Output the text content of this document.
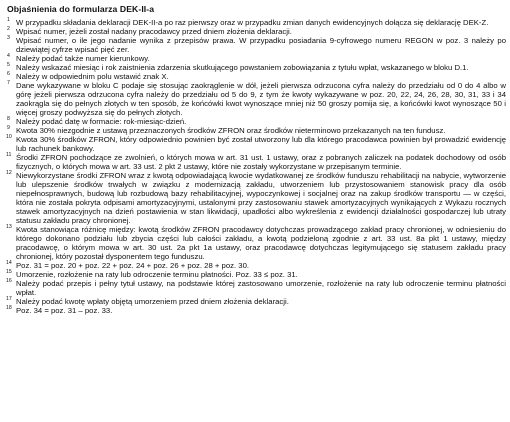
Objaśnienia do formularza DEK-II-a
1 W przypadku składania deklaracji DEK-II-a po raz pierwszy oraz w przypadku zmian danych ewidencyjnych dołącza się deklarację DEK-Z.
2 Wpisać numer, jeżeli został nadany pracodawcy przed dniem złożenia deklaracji.
3 Wpisać numer, o ile jego nadanie wynika z przepisów prawa. W przypadku posiadania 9-cyfrowego numeru REGON w poz. 3 należy po dziewiątej cyfrze wpisać pięć zer.
4 Należy podać także numer kierunkowy.
5 Należy wskazać miesiąc i rok zaistnienia zdarzenia skutkującego powstaniem zobowiązania z tytułu wpłat, wskazanego w bloku D.1.
6 Należy w odpowiednim polu wstawić znak X.
7 Dane wykazywane w bloku C podaje się stosując zaokrąglenie w dół, jeżeli pierwsza odrzucona cyfra należy do przedziału od 0 do 4 albo w górę jeżeli pierwsza odrzucona cyfra należy do przedziału od 5 do 9, z tym że kwoty wykazywane w poz. 20, 22, 24, 26, 28, 30, 31, 33 i 34 zaokrągla się do pełnych złotych w ten sposób, że końcówki kwot wynoszące mniej niż 50 groszy pomija się, a końcówki kwot wynoszące 50 i więcej groszy podwyższa się do pełnych złotych.
8 Należy podać datę w formacie: rok-miesiąc-dzień.
9 Kwota 30% niezgodnie z ustawą przeznaczonych środków ZFRON oraz środków nieterminowo przekazanych na ten fundusz.
10 Kwota 30% środków ZFRON, który odpowiednio powinien być został utworzony lub dla którego pracodawca powinien był prowadzić ewidencję lub rachunek bankowy.
11 Środki ZFRON pochodzące ze zwolnień, o których mowa w art. 31 ust. 1 ustawy, oraz z pobranych zaliczek na podatek dochodowy od osób fizycznych, o których mowa w art. 33 ust. 2 pkt 2 ustawy, które nie zostały wykorzystane w przepisanym terminie.
12 Niewykorzystane środki ZFRON wraz z kwotą odpowiadającą kwocie wydatkowanej ze środków funduszu rehabilitacji na nabycie, wytworzenie lub ulepszenie środków trwałych w związku z modernizacją zakładu, utworzeniem lub przystosowaniem stanowisk pracy dla osób niepełnosprawnych, budową lub rozbudową bazy rehabilitacyjnej, wypoczynkowej i socjalnej oraz na zakup środków transportu — w części, która nie została pokryta odpisami amortyzacyjnymi, ustalonymi przy zastosowaniu stawek amortyzacyjnych wynikających z Wykazu rocznych stawek amortyzacyjnych na dzień postawienia w stan likwidacji, upadłości albo wykreślenia z ewidencji działalności gospodarczej lub utraty statusu zakładu pracy chronionej.
13 Kwota stanowiąca różnicę między: kwotą środków ZFRON pracodawcy dotychczas prowadzącego zakład pracy chronionej, w odniesieniu do którego dokonano podziału lub zbycia części lub całości zakładu, a kwotą podzieloną zgodnie z art. 33 ust. 8a pkt 1 ustawy, między pracodawcę, o którym mowa w art. 30 ust. 2a pkt 1a ustawy, oraz pracodawcę dotychczas legitymującego się statusem zakładu pracy chronionej, który pozostał dysponentem tego funduszu.
14 Poz. 31 = poz. 20 + poz. 22 + poz. 24 + poz. 26 + poz. 28 + poz. 30.
15 Umorzenie, rozłożenie na raty lub odroczenie terminu płatności. Poz. 33 ≤ poz. 31.
16 Należy podać przepis i pełny tytuł ustawy, na podstawie której zastosowano umorzenie, rozłożenie na raty lub odroczenie terminu płatności wpłat.
17 Należy podać kwotę wpłaty objętą umorzeniem przed dniem złożenia deklaracji.
18 Poz. 34 = poz. 31 – poz. 33.
